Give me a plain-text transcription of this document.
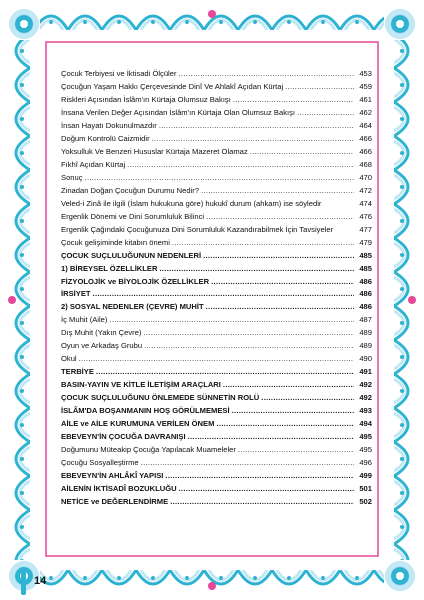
Çocuk Terbiyesi ve İktisadi Ölçüler .....	453
Çocuğun Yaşam Hakkı Çerçevesinde Dinî Ve Ahlakî Açıdan Kürtaj .....	459
Riskleri Açısından İslâm'ın Kürtaja Olumsuz Bakışı .....	461
İnsana Verilen Değer Açısından İslâm'ın Kürtaja Olan Olumsuz Bakışı .....	462
İnsan Hayatı Dokunulmazdır .....	464
Doğum Kontrolü Caizmidir .....	466
Yoksulluk Ve Benzeri Hususlar Kürtaja Mazeret Olamaz .....	466
Fıkhî Açıdan Kürtaj .....	468
Sonuç .....	470
Zinadan Doğan Çocuğun Durumu Nedir? .....	472
Veled-i Zinâ ile ilgili (İslam hukukuna göre) hukukî durum (ahkam) ise söyledir	474
Ergenlik Dönemi ve Dini Sorumluluk Bilinci .....	476
Ergenlik Çağındaki Çocuğunuza Dini Sorumluluk Kazandırabilmek İçin Tavsiyeler	477
Çocuk gelişiminde kitabın önemi .....	479
ÇOCUK SUÇLULUĞUNUN NEDENLERİ .....	485
1) BİREYSEL ÖZELLİKLER .....	485
FİZYOLOJİK ve BİYOLOJİK ÖZELLİKLER .....	486
İRSİYET .....	486
2) SOSYAL NEDENLER (ÇEVRE) MUHİT .....	486
İç Muhit (Aile) .....	487
Dış Muhit (Yakın Çevre) .....	489
Oyun ve Arkadaş Grubu .....	489
Okul .....	490
TERBİYE .....	491
BASIN-YAYIN VE KİTLE İLETİŞİM ARAÇLARI .....	492
ÇOCUK SUÇLULUĞUNU ÖNLEMEDE SÜNNETİN ROLÜ .....	492
İSLÂM'DA BOŞANMANIN HOŞ GÖRÜLMEMESİ .....	493
AİLE ve AİLE KURUMUNA VERİLEN ÖNEM .....	494
EBEVEYN'İN ÇOCUĞA DAVRANIŞI .....	495
Doğumunu Müteakip Çocuğa Yapılacak Muameleler .....	495
Çocuğu Sosyalleştirme .....	496
EBEVEYN'İN AHLÂKÎ YAPISI .....	499
AİLENİN İKTİSADÎ BOZUKLUĞU .....	501
NETİCE ve DEĞERLENDİRME .....	502
14
